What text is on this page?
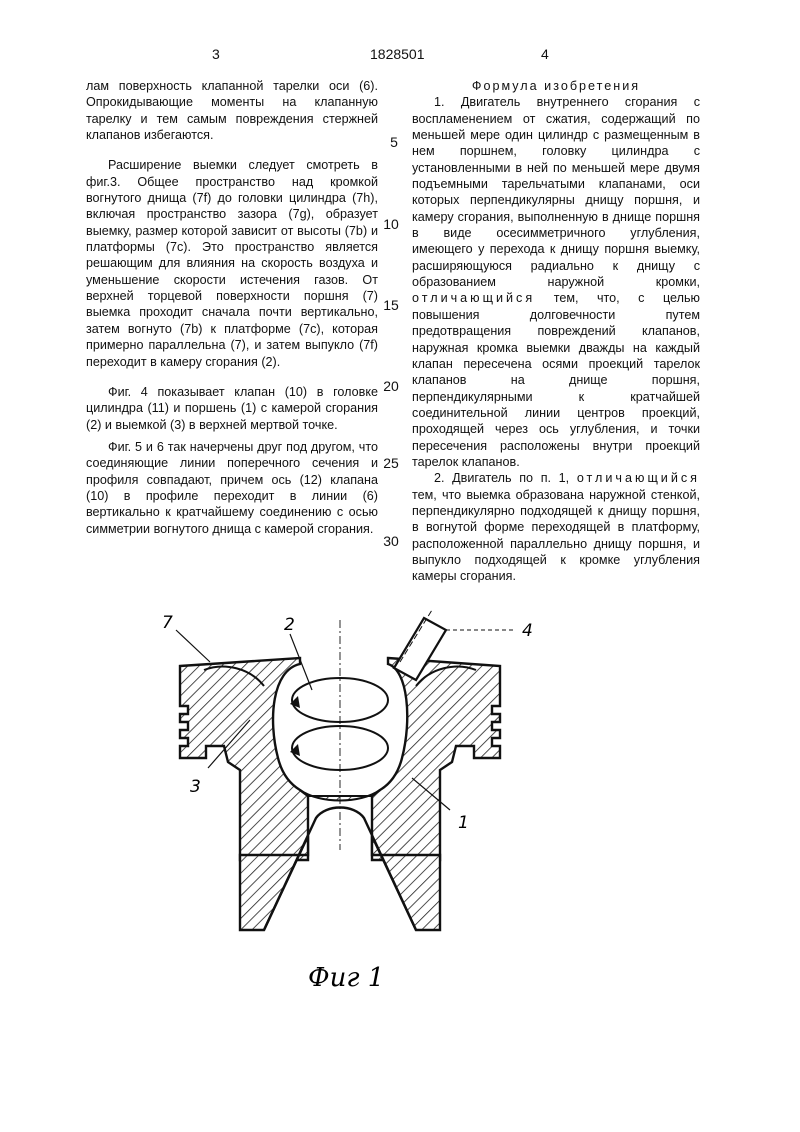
3	1828501	4

лам поверхность клапанной тарелки оси (6). Опрокидывающие моменты на клапанную тарелку и тем самым повреждения стержней клапанов избегаются.

Расширение выемки следует смотреть в фиг.3. Общее пространство над кромкой вогнутого днища (7f) до головки цилиндра (7h), включая пространство зазора (7g), образует выемку, размер которой зависит от высоты (7b) и платформы (7c). Это пространство является решающим для влияния на скорость воздуха и уменьшение скорости истечения газов. От верхней торцевой поверхности поршня (7) выемка проходит сначала почти вертикально, затем вогнуто (7b) к платформе (7c), которая примерно параллельна (7), и затем выпукло (7f) переходит в камеру сгорания (2).

Фиг. 4 показывает клапан (10) в головке цилиндра (11) и поршень (1) с камерой сгорания (2) и выемкой (3) в верхней мертвой точке.

Фиг. 5 и 6 так начерчены друг под другом, что соединяющие линии поперечного сечения и профиля совпадают, причем ось (12) клапана (10) в профиле переходит в линии (6) вертикально к кратчайшему соединению с осью симметрии вогнутого днища с камерой сгорания.

5
10
15
20
25
30

Формула изобретения

1. Двигатель внутреннего сгорания с воспламенением от сжатия, содержащий по меньшей мере один цилиндр с размещенным в нем поршнем, головку цилиндра с установленными в ней по меньшей мере двумя подъемными тарельчатыми клапанами, оси которых перпендикулярны днищу поршня, и камеру сгорания, выполненную в днище поршня в виде осесимметричного углубления, имеющего у перехода к днищу поршня выемку, расширяющуюся радиально к днищу с образованием наружной кромки, отличающийся тем, что, с целью повышения долговечности путем предотвращения повреждений клапанов, наружная кромка выемки дважды на каждый клапан пересечена осями проекций тарелок клапанов на днище поршня, перпендикулярными к кратчайшей соединительной линии центров проекций, проходящей через ось углубления, и точки пересечения расположены внутри проекций тарелок клапанов.

2. Двигатель по п. 1, отличающийся тем, что выемка образована наружной стенкой, перпендикулярно подходящей к днищу поршня, в вогнутой форме переходящей в платформу, расположенной параллельно днищу поршня, и выпукло подходящей к кромке углубления камеры сгорания.

7	2	4
3
1
Фиг 1
